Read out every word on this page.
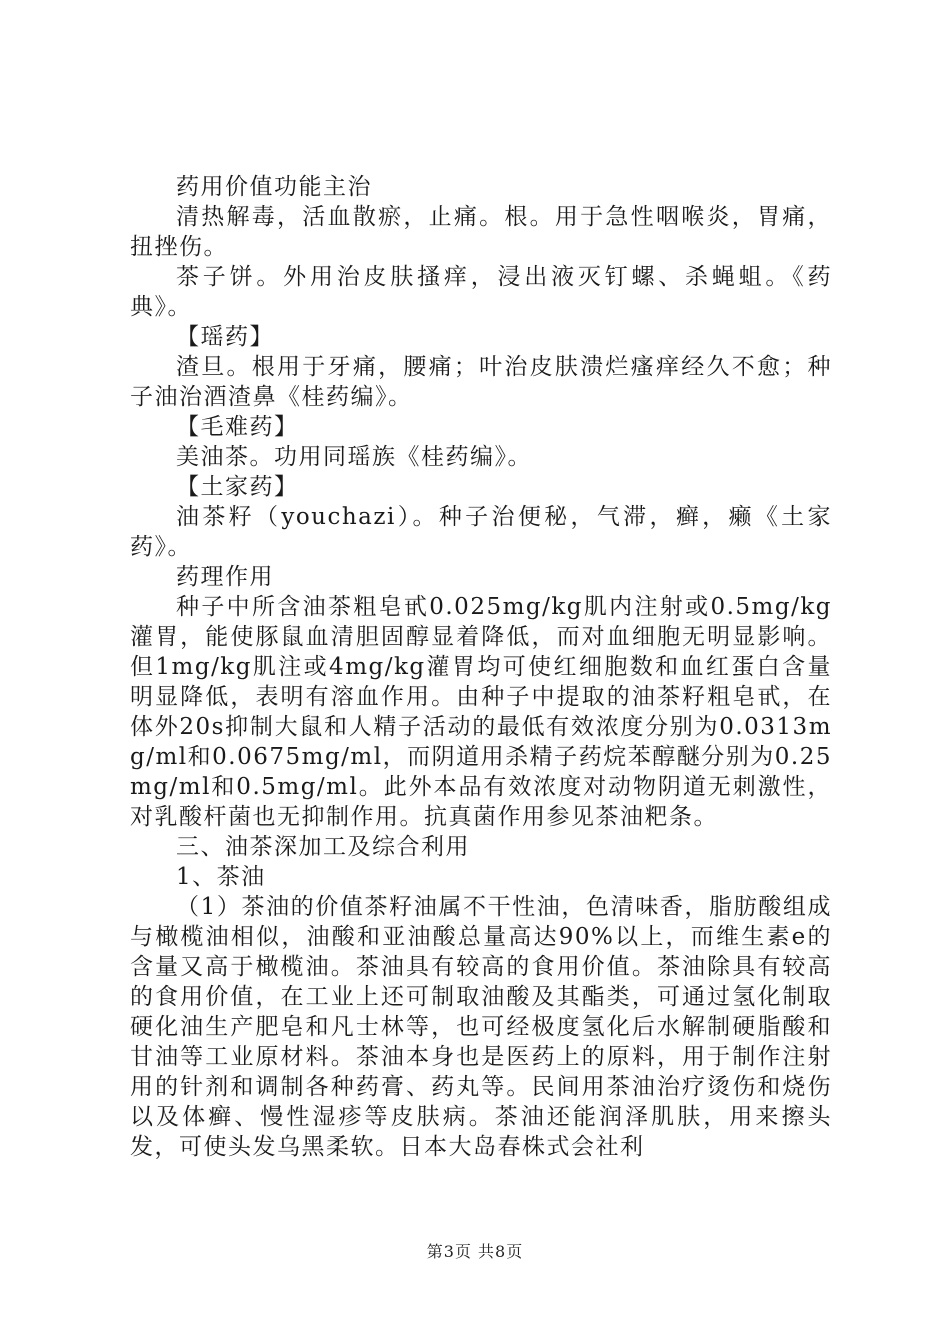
药用价值功能主治

清热解毒，活血散瘀，止痛。根。用于急性咽喉炎，胃痛，扭挫伤。

茶子饼。外用治皮肤搔痒，浸出液灭钉螺、杀蝇蛆。《药典》。

【瑶药】

渣旦。根用于牙痛，腰痛；叶治皮肤溃烂瘙痒经久不愈；种子油治酒渣鼻《桂药编》。

【毛难药】

美油茶。功用同瑶族《桂药编》。

【土家药】

油茶籽（youchazi）。种子治便秘，气滞，癣，癞《土家药》。

药理作用

种子中所含油茶粗皂甙0.025mg/kg肌内注射或0.5mg/kg灌胃，能使豚鼠血清胆固醇显着降低，而对血细胞无明显影响。但1mg/kg肌注或4mg/kg灌胃均可使红细胞数和血红蛋白含量明显降低，表明有溶血作用。由种子中提取的油茶籽粗皂甙，在体外20s抑制大鼠和人精子活动的最低有效浓度分别为0.0313mg/ml和0.0675mg/ml，而阴道用杀精子药烷苯醇醚分别为0.25mg/ml和0.5mg/ml。此外本品有效浓度对动物阴道无刺激性，对乳酸杆菌也无抑制作用。抗真菌作用参见茶油粑条。

三、油茶深加工及综合利用

1、茶油

（1）茶油的价值茶籽油属不干性油，色清味香，脂肪酸组成与橄榄油相似，油酸和亚油酸总量高达90%以上，而维生素e的含量又高于橄榄油。茶油具有较高的食用价值。茶油除具有较高的食用价值，在工业上还可制取油酸及其酯类，可通过氢化制取硬化油生产肥皂和凡士林等，也可经极度氢化后水解制硬脂酸和甘油等工业原材料。茶油本身也是医药上的原料，用于制作注射用的针剂和调制各种药膏、药丸等。民间用茶油治疗烫伤和烧伤以及体癣、慢性湿疹等皮肤病。茶油还能润泽肌肤，用来擦头发，可使头发乌黑柔软。日本大岛春株式会社利

第3页 共8页
